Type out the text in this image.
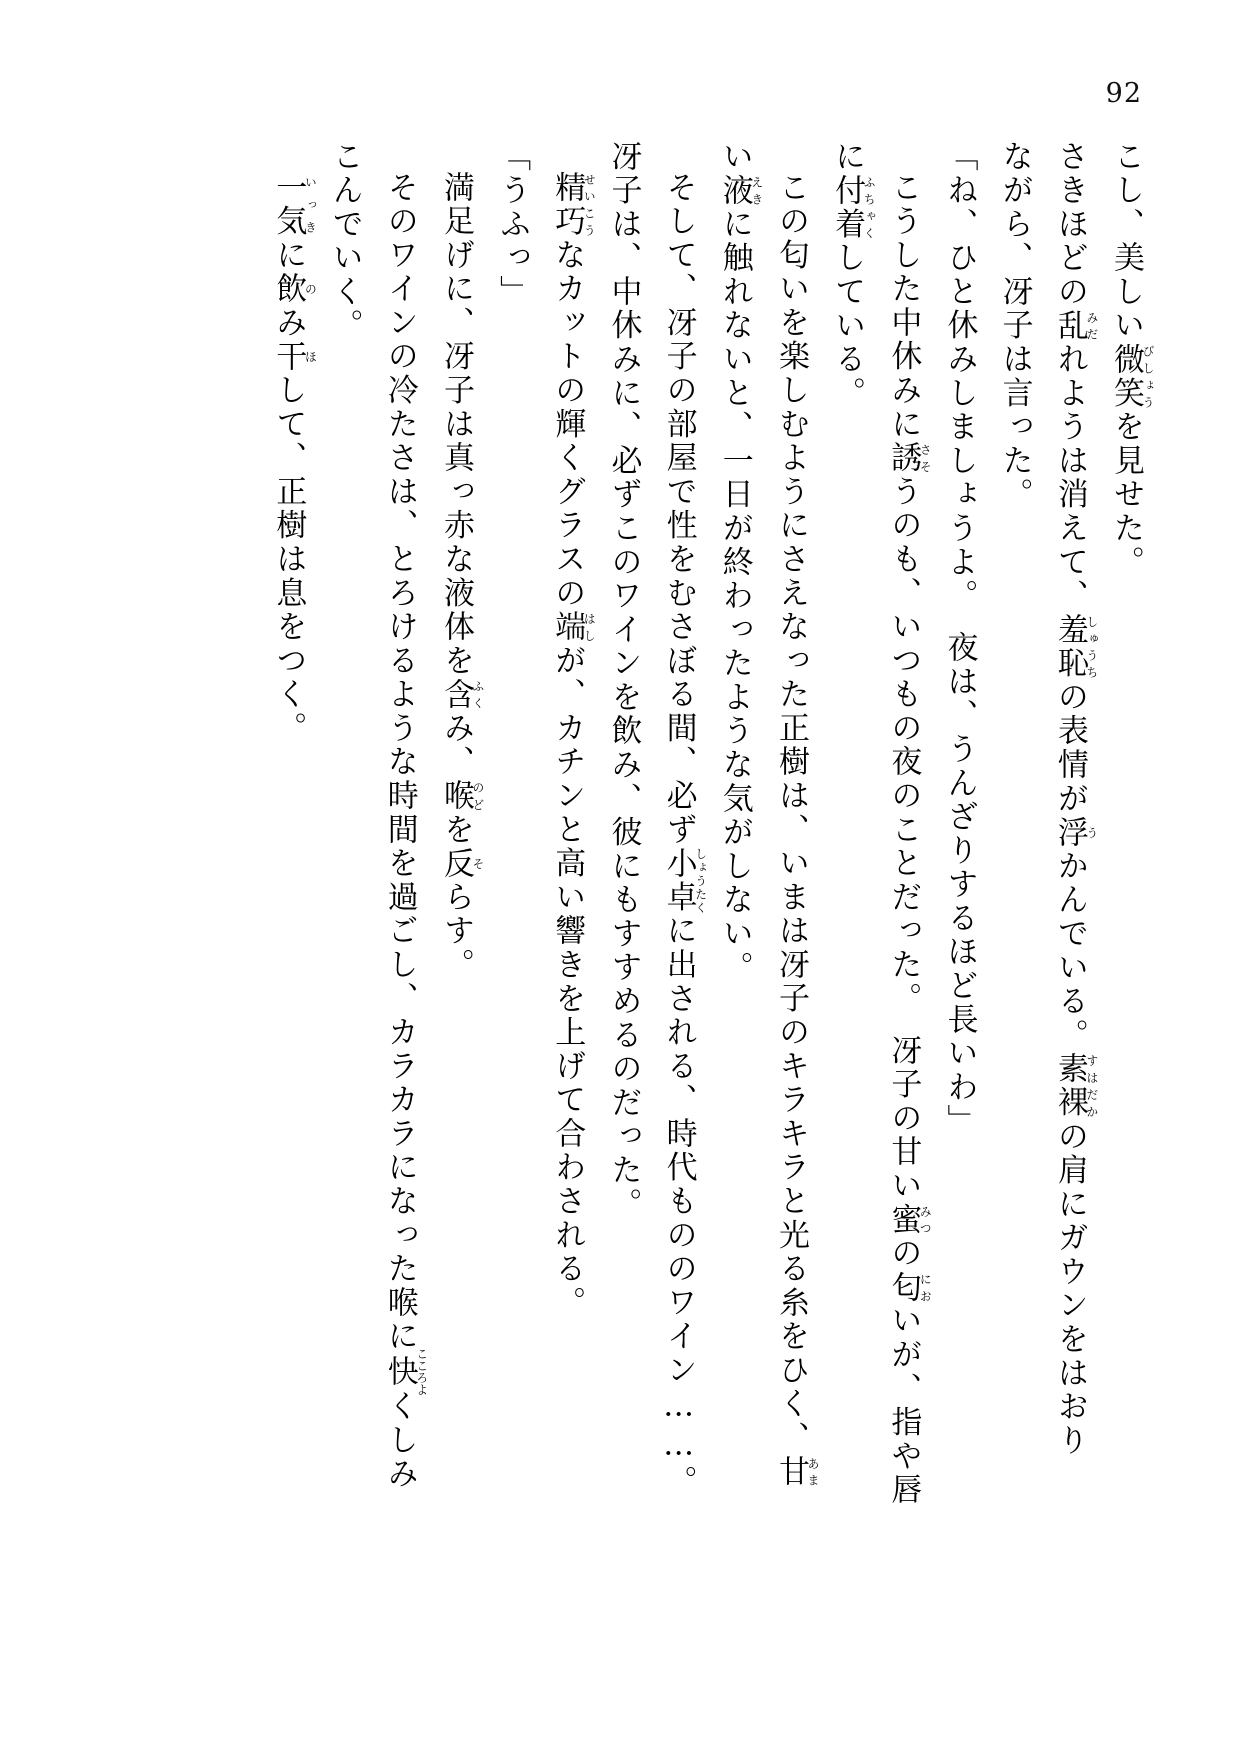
92

こし、美しい微笑びしょうを見せた。

さきほどの乱みだれようは消えて、羞恥しゅうちの表情が浮うかんでいる。素裸すはだかの肩にガウンをはおり

ながら、冴子は言った。

「ね、ひと休みしましょうよ。　夜は、うんざりするほど長いわ」

こうした中休みに誘さそうのも、いつもの夜のことだった。　冴子の甘い蜜みつの匂においが、指や唇

に付着ふちゃくしている。

この匂いを楽しむようにさえなった正樹は、いまは冴子のキラキラと光る糸をひく、甘あま

い液えきに触れないと、一日が終わったような気がしない。

そして、冴子の部屋で性をむさぼる間、必ず小卓しょうたくに出される、時代もののワイン……。

冴子は、中休みに、必ずこのワインを飲み、彼にもすすめるのだった。

精巧せいこうなカットの輝くグラスの端はしが、カチンと高い響きを上げて合わされる。

「うふっ」

満足げに、冴子は真っ赤な液体を含ふくみ、喉のどを反そらす。

そのワインの冷たさは、とろけるような時間を過ごし、カラカラになった喉に快こころよくしみ

こんでいく。

一気いっきに飲のみ干ほして、正樹は息をつく。
